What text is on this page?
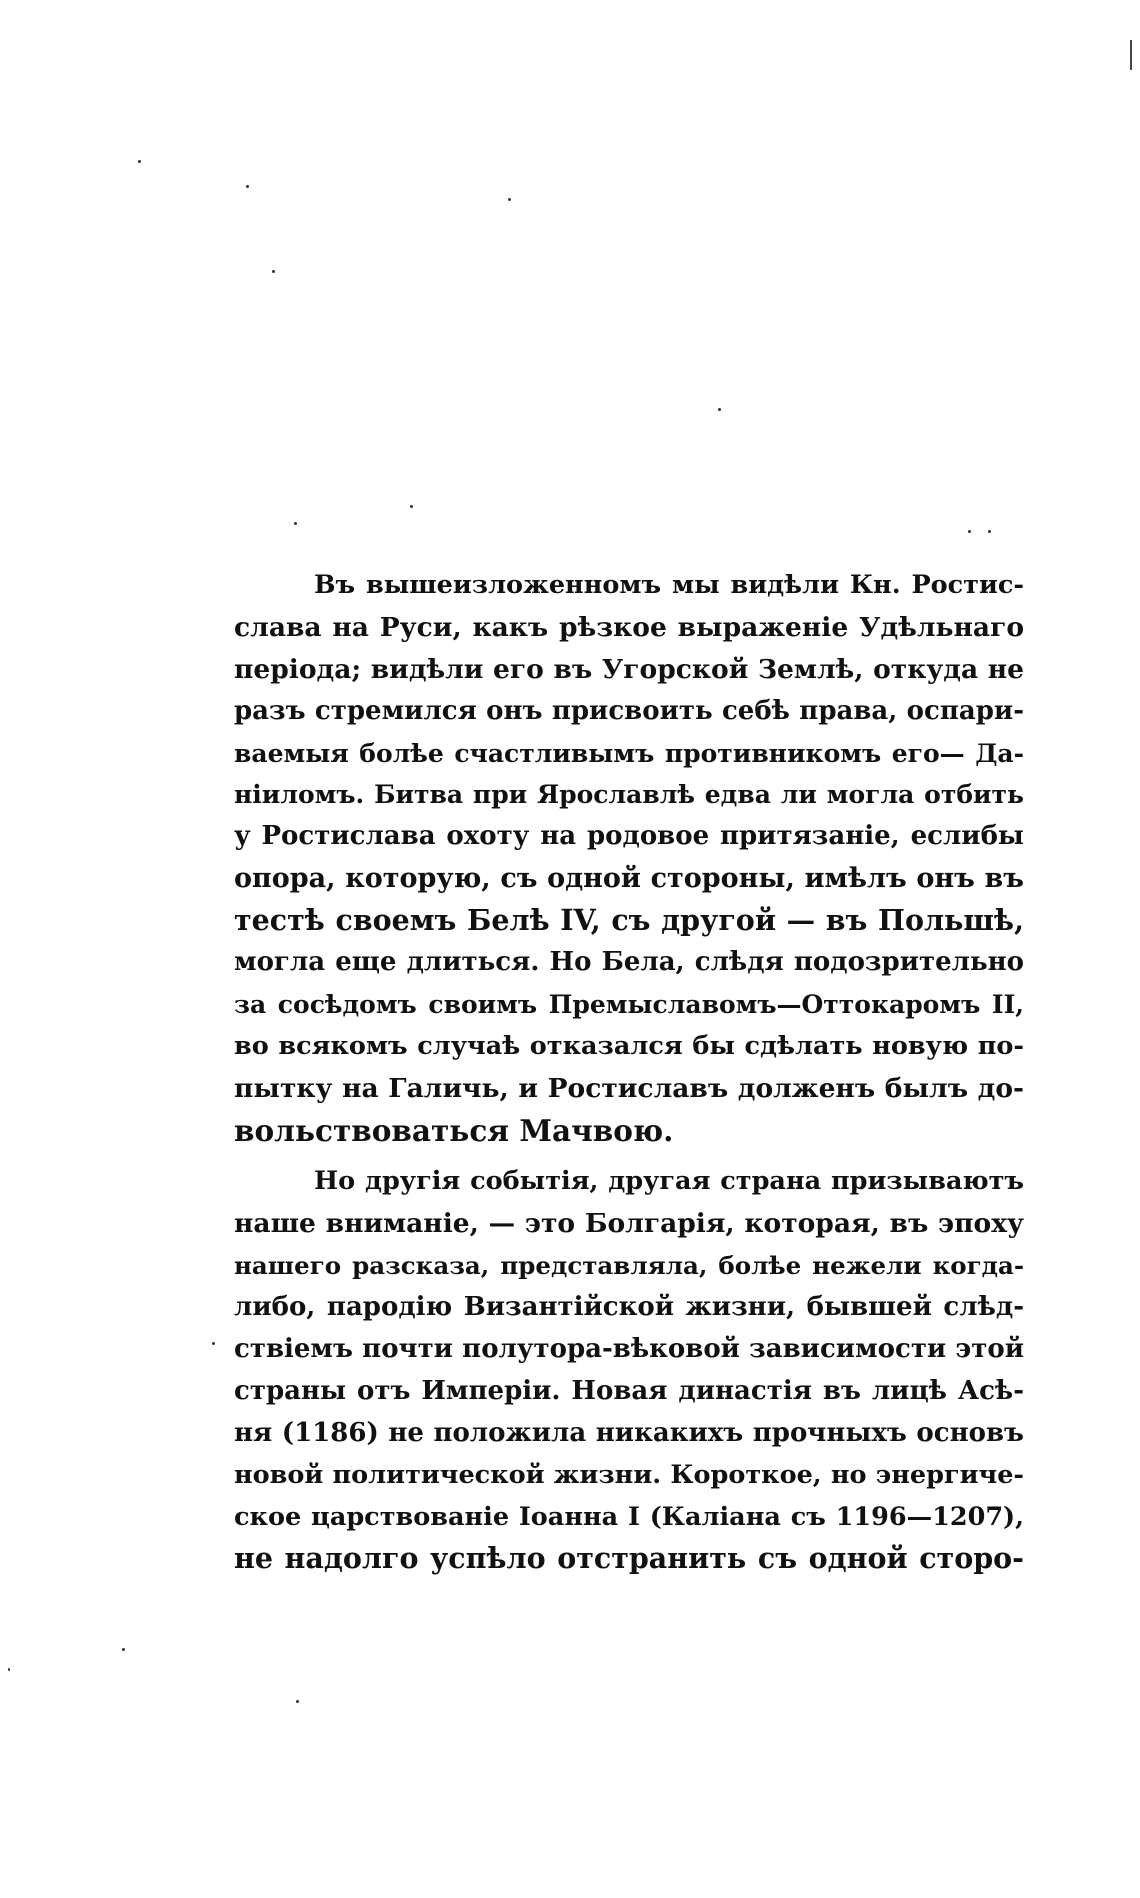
Въ вышеизложенномъ мы видѣли Кн. Ростис-
слава на Руси, какъ рѣзкое выраженіе Удѣльнаго
періода; видѣли его въ Угорской Землѣ, откуда не
разъ стремился онъ присвоить себѣ права, оспари-
ваемыя болѣе счастливымъ противникомъ его— Да-
ніиломъ. Битва при Ярославлѣ едва ли могла отбить
у Ростислава охоту на родовое притязаніе, еслибы
опора, которую, съ одной стороны, имѣлъ онъ въ
тестѣ своемъ Белѣ IV, съ другой — въ Польшѣ,
могла еще длиться. Но Бела, слѣдя подозрительно
за сосѣдомъ своимъ Премыславомъ—Оттокаромъ II,
во всякомъ случаѣ отказался бы сдѣлать новую по-
пытку на Галичь, и Ростиславъ долженъ былъ до-
вольствоваться Мачвою.
Но другія событія, другая страна призываютъ
наше вниманіе, — это Болгарія, которая, въ эпоху
нашего разсказа, представляла, болѣе нежели когда-
либо, пародію Византійской жизни, бывшей слѣд-
ствіемъ почти полутора-вѣковой зависимости этой
страны отъ Имперіи. Новая династія въ лицѣ Асѣ-
ня (1186) не положила никакихъ прочныхъ основъ
новой политической жизни. Короткое, но энергиче-
ское царствованіе Іоанна I (Каліана съ 1196—1207),
не надолго успѣло отстранить съ одной сторо-
